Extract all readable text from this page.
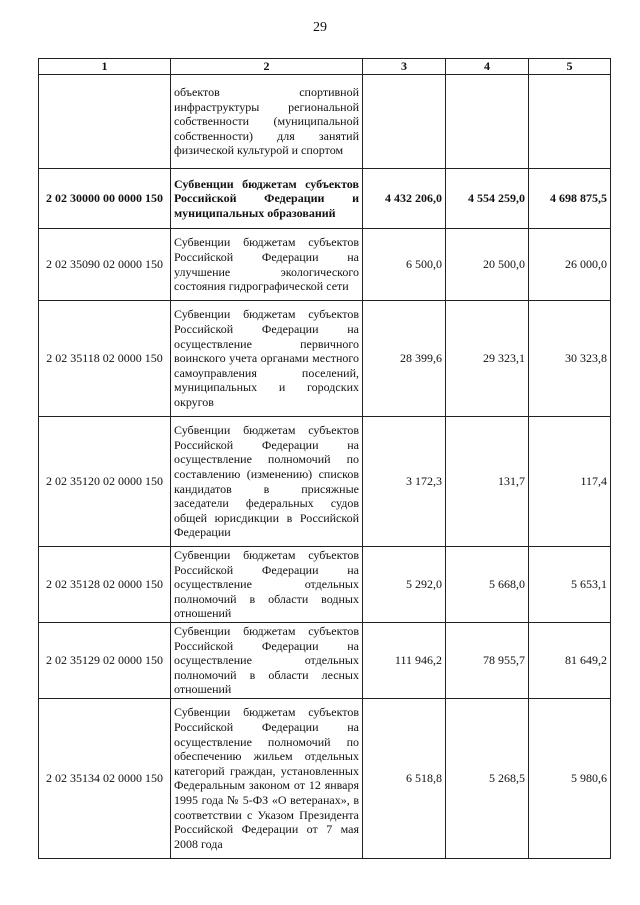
29
1	2	3	4	5
	объектов спортивной инфраструктуры региональной собственности (муниципальной собственности) для занятий физической культурой и спортом			
2 02 30000 00 0000 150	Субвенции бюджетам субъектов Российской Федерации и муниципальных образований	4 432 206,0	4 554 259,0	4 698 875,5
2 02 35090 02 0000 150	Субвенции бюджетам субъектов Российской Федерации на улучшение экологического состояния гидрографической сети	6 500,0	20 500,0	26 000,0
2 02 35118 02 0000 150	Субвенции бюджетам субъектов Российской Федерации на осуществление первичного воинского учета органами местного самоуправления поселений, муниципальных и городских округов	28 399,6	29 323,1	30 323,8
2 02 35120 02 0000 150	Субвенции бюджетам субъектов Российской Федерации на осуществление полномочий по составлению (изменению) списков кандидатов в присяжные заседатели федеральных судов общей юрисдикции в Российской Федерации	3 172,3	131,7	117,4
2 02 35128 02 0000 150	Субвенции бюджетам субъектов Российской Федерации на осуществление отдельных полномочий в области водных отношений	5 292,0	5 668,0	5 653,1
2 02 35129 02 0000 150	Субвенции бюджетам субъектов Российской Федерации на осуществление отдельных полномочий в области лесных отношений	111 946,2	78 955,7	81 649,2
2 02 35134 02 0000 150	Субвенции бюджетам субъектов Российской Федерации на осуществление полномочий по обеспечению жильем отдельных категорий граждан, установленных Федеральным законом от 12 января 1995 года № 5-ФЗ «О ветеранах», в соответствии с Указом Президента Российской Федерации от 7 мая 2008 года	6 518,8	5 268,5	5 980,6
